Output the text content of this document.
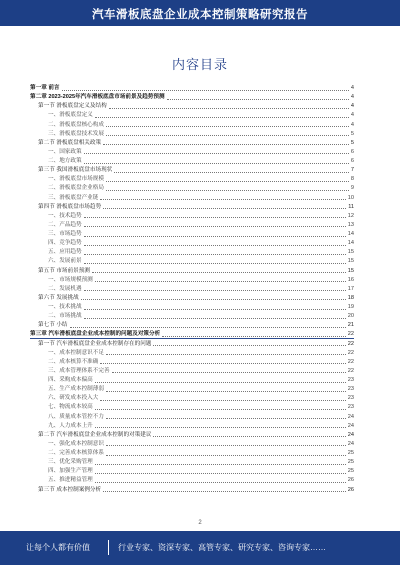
汽车滑板底盘企业成本控制策略研究报告
内容目录
第一章 前言	4
第二章 2023-2025年汽车滑板底盘市场前景及趋势预测	4
第一节 滑板底盘定义及结构	4
一、滑板底盘定义	4
二、滑板底盘核心构成	4
三、滑板底盘技术发展	5
第二节 滑板底盘相关政策	5
一、国家政策	6
二、地方政策	6
第三节 我国滑板底盘市场现状	7
一、滑板底盘市场规模	8
二、滑板底盘企业格局	9
三、滑板底盘产业链	10
第四节 滑板底盘市场趋势	11
一、技术趋势	12
二、产品趋势	13
三、市场趋势	14
四、竞争趋势	14
五、应用趋势	15
六、发展前景	15
第五节 市场前景预测	15
一、市场规模预测	16
二、发展机遇	17
第六节 发展挑战	18
一、技术挑战	19
二、市场挑战	20
第七节 小结	21
第三章 汽车滑板底盘企业成本控制的问题及对策分析	22
第一节 汽车滑板底盘企业成本控制存在的问题	22
一、成本控制意识不足	22
二、成本核算不准确	22
三、成本管理体系不完善	22
四、采购成本偏高	23
五、生产成本控制薄弱	23
六、研发成本投入大	23
七、物流成本较高	23
八、质量成本管控不力	24
九、人力成本上升	24
第二节 汽车滑板底盘企业成本控制的对策建议	24
一、强化成本控制意识	24
二、完善成本核算体系	25
三、优化采购管理	25
四、加强生产管理	25
五、推进精益管理	26
第三节 成本控制案例分析	26
2
让每个人都有价值	行业专家、资深专家、高管专家、研究专家、咨询专家……
